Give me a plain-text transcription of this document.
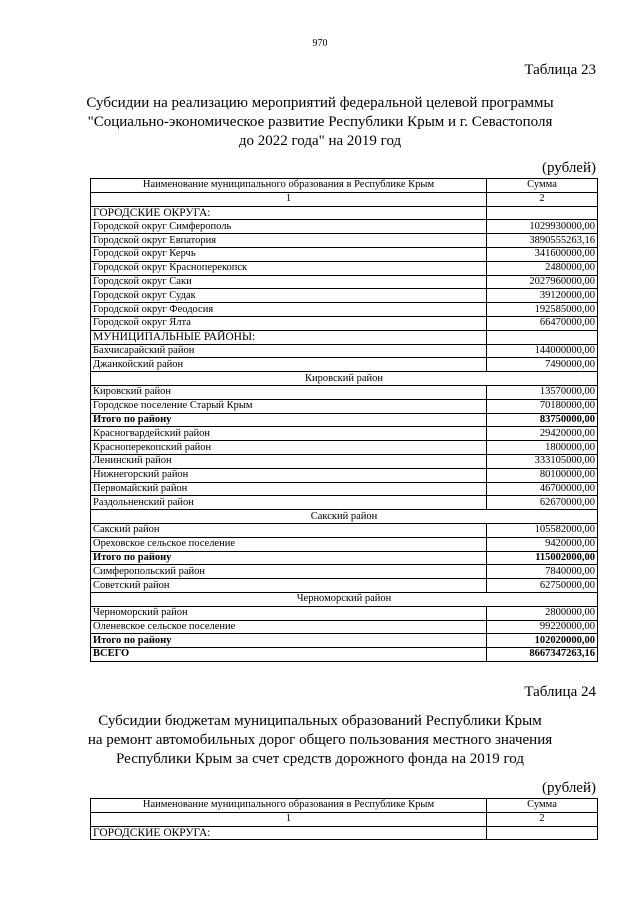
970
Таблица 23
Субсидии на реализацию мероприятий федеральной целевой программы
"Социально-экономическое развитие Республики Крым и г. Севастополя
до 2022 года" на 2019 год
(рублей)
Наименование муниципального образования в Республике Крым	Сумма
1	2
ГОРОДСКИЕ ОКРУГА:	
Городской округ Симферополь	1029930000,00
Городской округ Евпатория	3890555263,16
Городской округ Керчь	341600000,00
Городской округ Красноперекопск	2480000,00
Городской округ Саки	2027960000,00
Городской округ Судак	39120000,00
Городской округ Феодосия	192585000,00
Городской округ Ялта	66470000,00
МУНИЦИПАЛЬНЫЕ РАЙОНЫ:	
Бахчисарайский район	144000000,00
Джанкойский район	7490000,00
Кировский район	
Кировский район	13570000,00
Городское поселение Старый Крым	70180000,00
Итого по району	83750000,00
Красногвардейский район	29420000,00
Красноперекопский район	1800000,00
Ленинский район	333105000,00
Нижнегорский район	80100000,00
Первомайский район	46700000,00
Раздольненский район	62670000,00
Сакский район	
Сакский район	105582000,00
Ореховское сельское поселение	9420000,00
Итого по району	115002000,00
Симферопольский район	7840000,00
Советский район	62750000,00
Черноморский район	
Черноморский район	2800000,00
Оленевское сельское поселение	99220000,00
Итого по району	102020000,00
ВСЕГО	8667347263,16
Таблица 24
Субсидии бюджетам муниципальных образований Республики Крым
на ремонт автомобильных дорог общего пользования местного значения
Республики Крым за счет средств дорожного фонда на 2019 год
(рублей)
Наименование муниципального образования в Республике Крым	Сумма
1	2
ГОРОДСКИЕ ОКРУГА:	
